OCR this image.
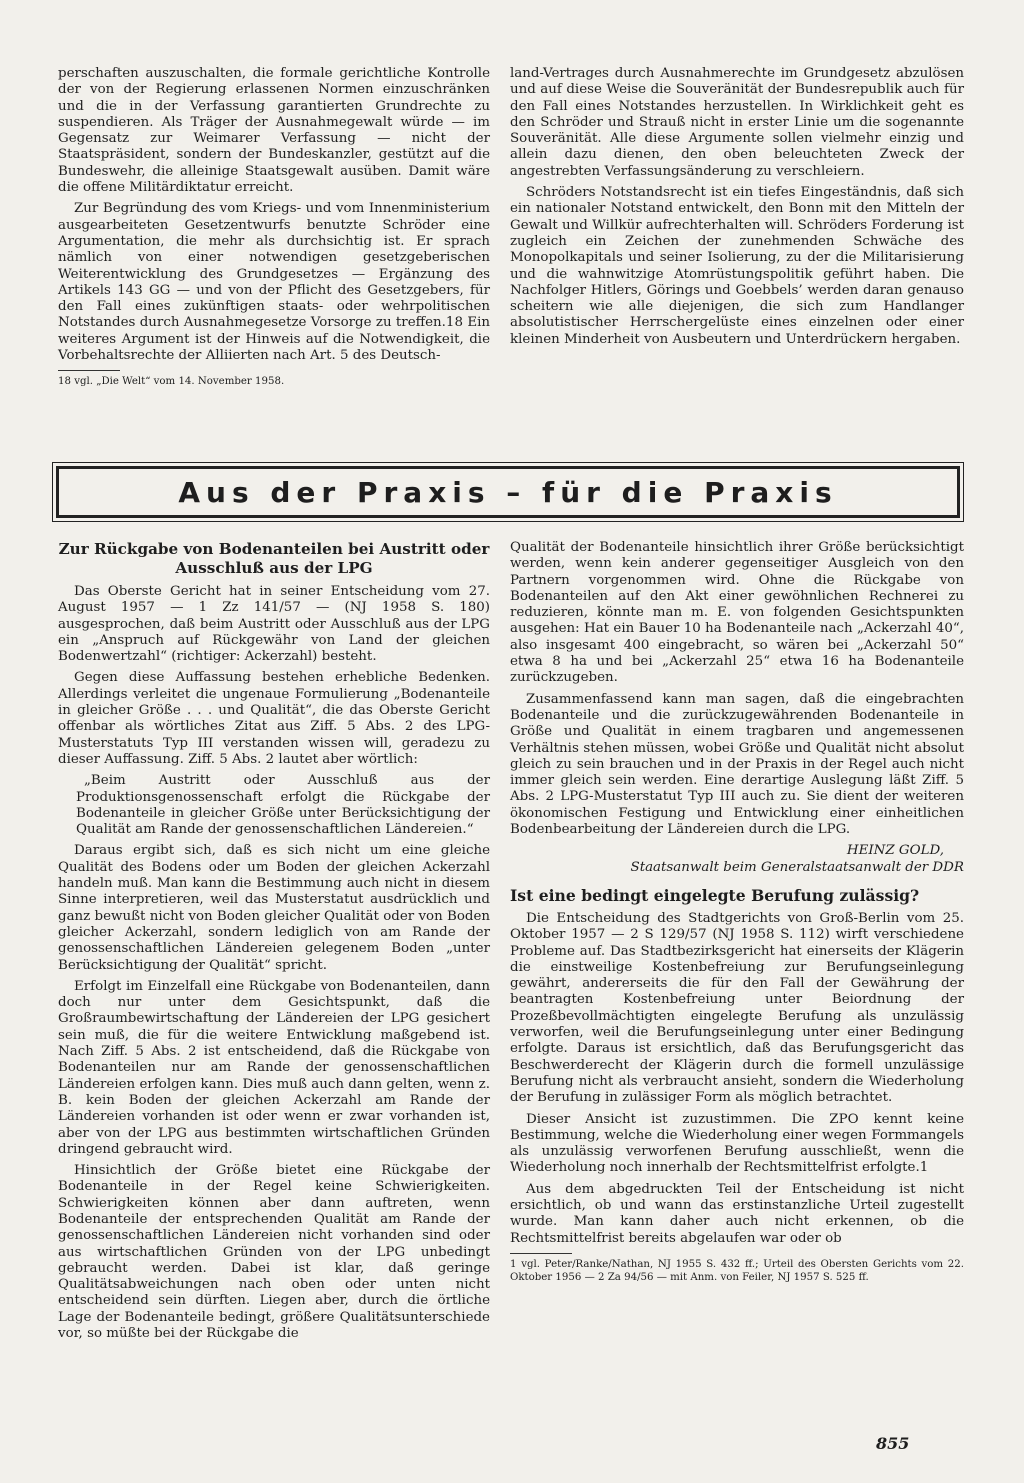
perschaften auszuschalten, die formale gerichtliche Kontrolle der von der Regierung erlassenen Normen einzuschränken und die in der Verfassung garantierten Grundrechte zu suspendieren. Als Träger der Ausnahmegewalt würde — im Gegensatz zur Weimarer Verfassung — nicht der Staatspräsident, sondern der Bundeskanzler, gestützt auf die Bundeswehr, die alleinige Staatsgewalt ausüben. Damit wäre die offene Militärdiktatur erreicht.

Zur Begründung des vom Kriegs- und vom Innenministerium ausgearbeiteten Gesetzentwurfs benutzte Schröder eine Argumentation, die mehr als durchsichtig ist. Er sprach nämlich von einer notwendigen gesetzgeberischen Weiterentwicklung des Grundgesetzes — Ergänzung des Artikels 143 GG — und von der Pflicht des Gesetzgebers, für den Fall eines zukünftigen staats- oder wehrpolitischen Notstandes durch Ausnahmegesetze Vorsorge zu treffen.18 Ein weiteres Argument ist der Hinweis auf die Notwendigkeit, die Vorbehaltsrechte der Alliierten nach Art. 5 des Deutsch-

18 vgl. „Die Welt“ vom 14. November 1958.

land-Vertrages durch Ausnahmerechte im Grundgesetz abzulösen und auf diese Weise die Souveränität der Bundesrepublik auch für den Fall eines Notstandes herzustellen. In Wirklichkeit geht es den Schröder und Strauß nicht in erster Linie um die sogenannte Souveränität. Alle diese Argumente sollen vielmehr einzig und allein dazu dienen, den oben beleuchteten Zweck der angestrebten Verfassungsänderung zu verschleiern.

Schröders Notstandsrecht ist ein tiefes Eingeständnis, daß sich ein nationaler Notstand entwickelt, den Bonn mit den Mitteln der Gewalt und Willkür aufrechterhalten will. Schröders Forderung ist zugleich ein Zeichen der zunehmenden Schwäche des Monopolkapitals und seiner Isolierung, zu der die Militarisierung und die wahnwitzige Atomrüstungspolitik geführt haben. Die Nachfolger Hitlers, Görings und Goebbels’ werden daran genauso scheitern wie alle diejenigen, die sich zum Handlanger absolutistischer Herrschergelüste eines einzelnen oder einer kleinen Minderheit von Ausbeutern und Unterdrückern hergaben.

Aus der Praxis – für die Praxis
Zur Rückgabe von Bodenanteilen bei Austritt oder Ausschluß aus der LPG

Das Oberste Gericht hat in seiner Entscheidung vom 27. August 1957 — 1 Zz 141/57 — (NJ 1958 S. 180) ausgesprochen, daß beim Austritt oder Ausschluß aus der LPG ein „Anspruch auf Rückgewähr von Land der gleichen Bodenwertzahl“ (richtiger: Ackerzahl) besteht.

Gegen diese Auffassung bestehen erhebliche Bedenken. Allerdings verleitet die ungenaue Formulierung „Bodenanteile in gleicher Größe . . . und Qualität“, die das Oberste Gericht offenbar als wörtliches Zitat aus Ziff. 5 Abs. 2 des LPG-Musterstatuts Typ III verstanden wissen will, geradezu zu dieser Auffassung. Ziff. 5 Abs. 2 lautet aber wörtlich:

„Beim Austritt oder Ausschluß aus der Produktionsgenossenschaft erfolgt die Rückgabe der Bodenanteile in gleicher Größe unter Berücksichtigung der Qualität am Rande der genossenschaftlichen Ländereien.“

Daraus ergibt sich, daß es sich nicht um eine gleiche Qualität des Bodens oder um Boden der gleichen Ackerzahl handeln muß. Man kann die Bestimmung auch nicht in diesem Sinne interpretieren, weil das Musterstatut ausdrücklich und ganz bewußt nicht von Boden gleicher Qualität oder von Boden gleicher Ackerzahl, sondern lediglich von am Rande der genossenschaftlichen Ländereien gelegenem Boden „unter Berücksichtigung der Qualität“ spricht.

Erfolgt im Einzelfall eine Rückgabe von Bodenanteilen, dann doch nur unter dem Gesichtspunkt, daß die Großraumbewirtschaftung der Ländereien der LPG gesichert sein muß, die für die weitere Entwicklung maßgebend ist. Nach Ziff. 5 Abs. 2 ist entscheidend, daß die Rückgabe von Bodenanteilen nur am Rande der genossenschaftlichen Ländereien erfolgen kann. Dies muß auch dann gelten, wenn z. B. kein Boden der gleichen Ackerzahl am Rande der Ländereien vorhanden ist oder wenn er zwar vorhanden ist, aber von der LPG aus bestimmten wirtschaftlichen Gründen dringend gebraucht wird.

Hinsichtlich der Größe bietet eine Rückgabe der Bodenanteile in der Regel keine Schwierigkeiten. Schwierigkeiten können aber dann auftreten, wenn Bodenanteile der entsprechenden Qualität am Rande der genossenschaftlichen Ländereien nicht vorhanden sind oder aus wirtschaftlichen Gründen von der LPG unbedingt gebraucht werden. Dabei ist klar, daß geringe Qualitätsabweichungen nach oben oder unten nicht entscheidend sein dürften. Liegen aber, durch die örtliche Lage der Bodenanteile bedingt, größere Qualitätsunterschiede vor, so müßte bei der Rückgabe die

Qualität der Bodenanteile hinsichtlich ihrer Größe berücksichtigt werden, wenn kein anderer gegenseitiger Ausgleich von den Partnern vorgenommen wird. Ohne die Rückgabe von Bodenanteilen auf den Akt einer gewöhnlichen Rechnerei zu reduzieren, könnte man m. E. von folgenden Gesichtspunkten ausgehen: Hat ein Bauer 10 ha Bodenanteile nach „Ackerzahl 40“, also insgesamt 400 eingebracht, so wären bei „Ackerzahl 50“ etwa 8 ha und bei „Ackerzahl 25“ etwa 16 ha Bodenanteile zurückzugeben.

Zusammenfassend kann man sagen, daß die eingebrachten Bodenanteile und die zurückzugewährenden Bodenanteile in Größe und Qualität in einem tragbaren und angemessenen Verhältnis stehen müssen, wobei Größe und Qualität nicht absolut gleich zu sein brauchen und in der Praxis in der Regel auch nicht immer gleich sein werden. Eine derartige Auslegung läßt Ziff. 5 Abs. 2 LPG-Musterstatut Typ III auch zu. Sie dient der weiteren ökonomischen Festigung und Entwicklung einer einheitlichen Bodenbearbeitung der Ländereien durch die LPG.

HEINZ GOLD,

Staatsanwalt beim Generalstaatsanwalt der DDR

Ist eine bedingt eingelegte Berufung zulässig?

Die Entscheidung des Stadtgerichts von Groß-Berlin vom 25. Oktober 1957 — 2 S 129/57 (NJ 1958 S. 112) wirft verschiedene Probleme auf. Das Stadtbezirksgericht hat einerseits der Klägerin die einstweilige Kostenbefreiung zur Berufungseinlegung gewährt, andererseits die für den Fall der Gewährung der beantragten Kostenbefreiung unter Beiordnung der Prozeßbevollmächtigten eingelegte Berufung als unzulässig verworfen, weil die Berufungseinlegung unter einer Bedingung erfolgte. Daraus ist ersichtlich, daß das Berufungsgericht das Beschwerderecht der Klägerin durch die formell unzulässige Berufung nicht als verbraucht ansieht, sondern die Wiederholung der Berufung in zulässiger Form als möglich betrachtet.

Dieser Ansicht ist zuzustimmen. Die ZPO kennt keine Bestimmung, welche die Wiederholung einer wegen Formmangels als unzulässig verworfenen Berufung ausschließt, wenn die Wiederholung noch innerhalb der Rechtsmittelfrist erfolgte.1

Aus dem abgedruckten Teil der Entscheidung ist nicht ersichtlich, ob und wann das erstinstanzliche Urteil zugestellt wurde. Man kann daher auch nicht erkennen, ob die Rechtsmittelfrist bereits abgelaufen war oder ob

1 vgl. Peter/Ranke/Nathan, NJ 1955 S. 432 ff.; Urteil des Obersten Gerichts vom 22. Oktober 1956 — 2 Za 94/56 — mit Anm. von Feiler, NJ 1957 S. 525 ff.

855
